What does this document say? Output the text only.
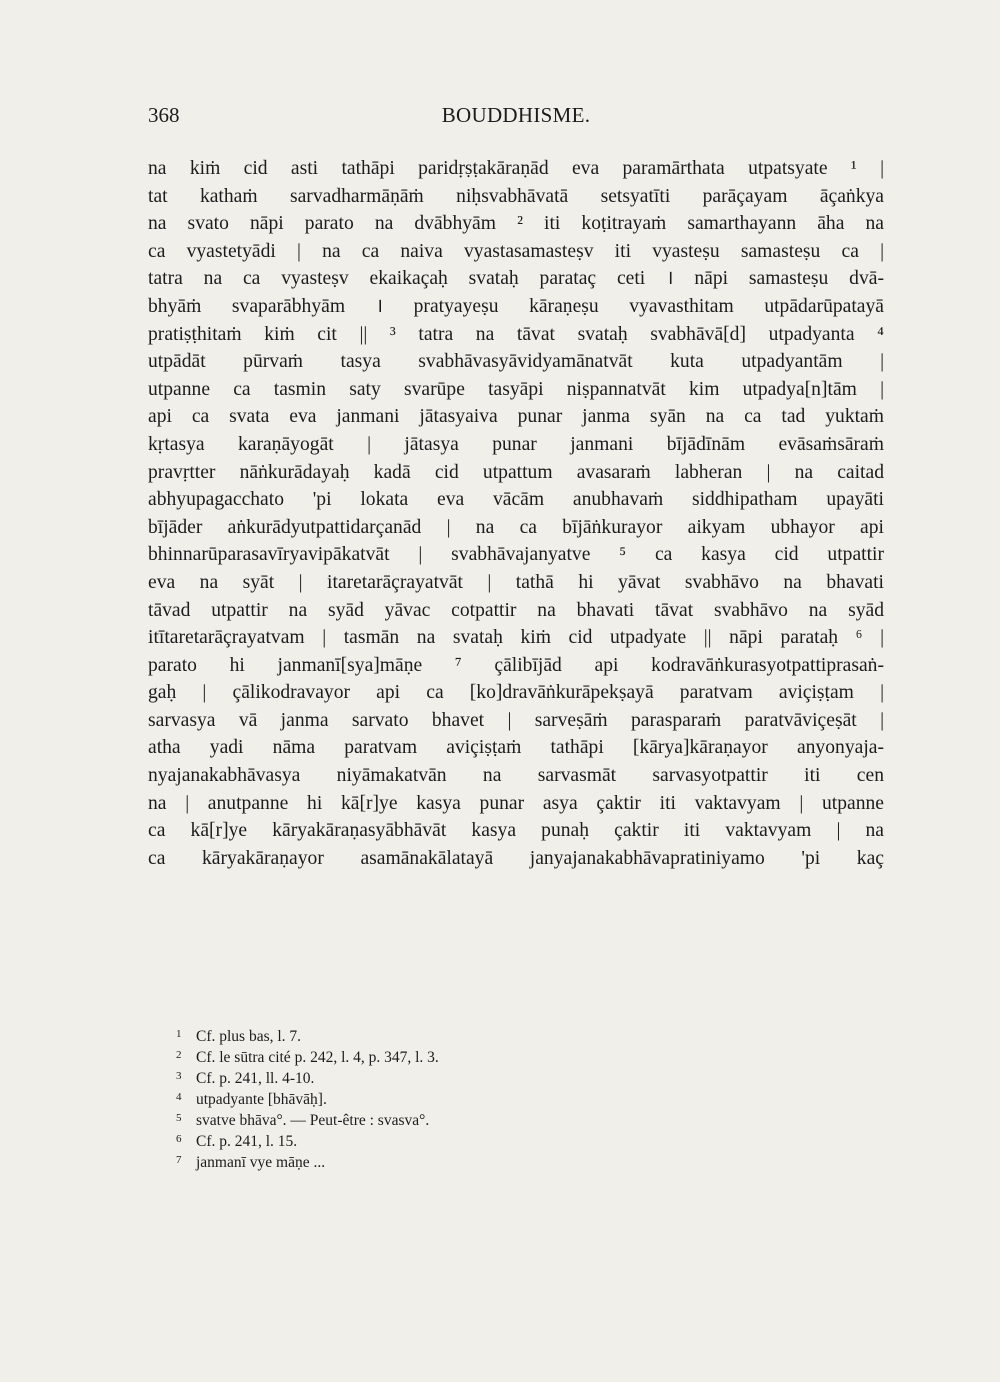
368	BOUDDHISME.
na kiṁ cid asti tathāpi paridṛṣṭakāraṇād eva paramārthata utpatsyate ¹ |
tat kathaṁ sarvadharmāṇāṁ niḥsvabhāvatā setsyatīti parāçayam āçaṅkya
na svato nāpi parato na dvābhyām ² iti koṭitrayaṁ samarthayann āha na
ca vyastetyādi | na ca naiva vyastasamasteṣv iti vyasteṣu samasteṣu ca |
tatra na ca vyasteṣv ekaikaçaḥ svataḥ parataç ceti । nāpi samasteṣu dvā-
bhyāṁ svaparābhyām । pratyayeṣu kāraṇeṣu vyavasthitam utpādarūpatayā
pratiṣṭhitaṁ kiṁ cit || ³ tatra na tāvat svataḥ svabhāvā[d] utpadyanta ⁴
utpādāt pūrvaṁ tasya svabhāvasyāvidyamānatvāt kuta utpadyantām |
utpanne ca tasmin saty svarūpe tasyāpi niṣpannatvāt kim utpadya[n]tām |
api ca svata eva janmani jātasyaiva punar janma syān na ca tad yuktaṁ
kṛtasya karaṇāyogāt | jātasya punar janmani bījādīnām evāsaṁsāraṁ
pravṛtter nāṅkurādayaḥ kadā cid utpattum avasaraṁ labheran | na caitad
abhyupagacchato 'pi lokata eva vācām anubhavaṁ siddhipatham upayāti
bījāder aṅkurādyutpattidarçanād | na ca bījāṅkurayor aikyam ubhayor api
bhinnarūparasavīryavipākatvāt | svabhāvajanyatve ⁵ ca kasya cid utpattir
eva na syāt | itaretarāçrayatvāt | tathā hi yāvat svabhāvo na bhavati
tāvad utpattir na syād yāvac cotpattir na bhavati tāvat svabhāvo na syād
itītaretarāçrayatvam | tasmān na svataḥ kiṁ cid utpadyate || nāpi parataḥ ⁶ |
parato hi janmanī[sya]māṇe ⁷ çālibījād api kodravāṅkurasyotpattiprasaṅ-
gaḥ | çālikodravayor api ca [ko]dravāṅkurāpekṣayā paratvam aviçiṣṭam |
sarvasya vā janma sarvato bhavet | sarveṣāṁ parasparaṁ paratvāviçeṣāt |
atha yadi nāma paratvam aviçiṣṭaṁ tathāpi [kārya]kāraṇayor anyonyaja-
nyajanakabhāvasya niyāmakatvān na sarvasmāt sarvasyotpattir iti cen
na | anutpanne hi kā[r]ye kasya punar asya çaktir iti vaktavyam | utpanne
ca kā[r]ye kāryakāraṇasyābhāvāt kasya punaḥ çaktir iti vaktavyam | na
ca kāryakāraṇayor asamānakālatayā janyajanakabhāvapratiniyamo 'pi kaç
1 Cf. plus bas, l. 7.
2 Cf. le sūtra cité p. 242, l. 4, p. 347, l. 3.
3 Cf. p. 241, ll. 4-10.
4 utpadyante [bhāvāḥ].
5 svatve bhāva°. — Peut-être : svasva°.
6 Cf. p. 241, l. 15.
7 janmanī vye māṇe ...
